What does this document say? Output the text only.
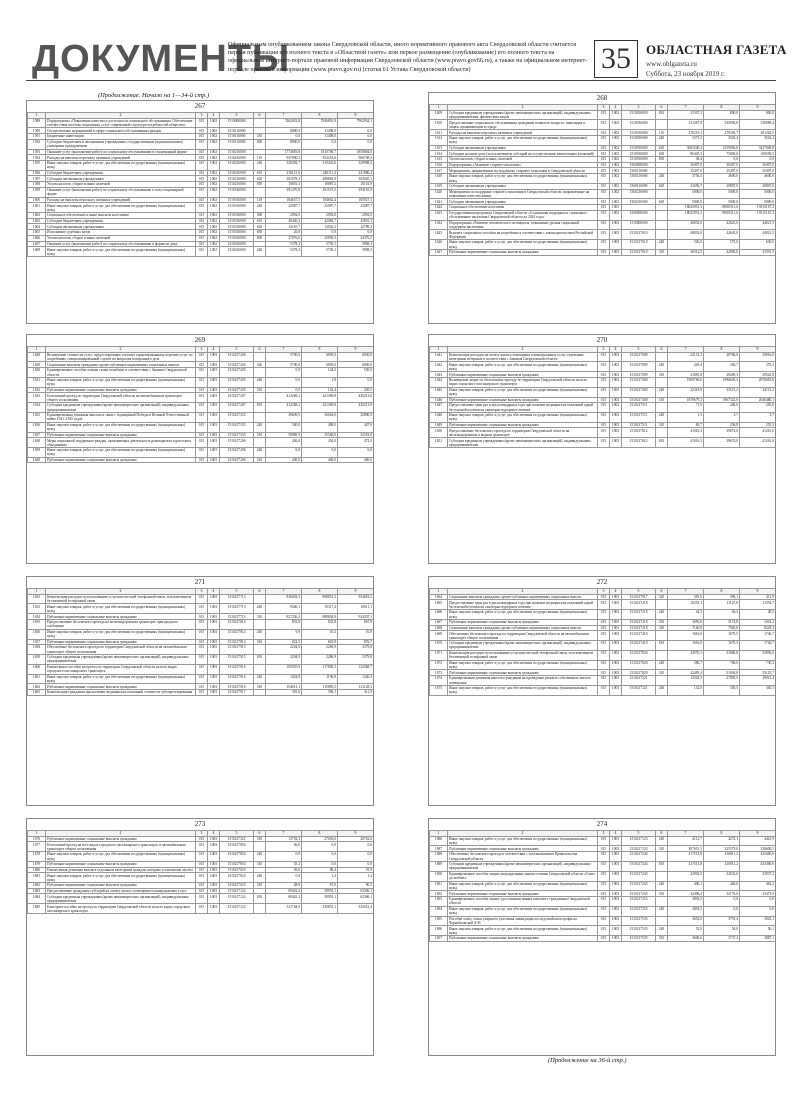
ДОКУМЕНТЫ
Официальным опубликованием закона Свердловской области, иного нормативного правового акта Свердловской области считается первая публикация его полного текста в «Областной газете» или первое размещение (опубликование) его полного текста на официальном интернет-портале правовой информации Свердловской области (www.pravo.gov66.ru), а также на официальном интернет-портале правовой информации (www.pravo.gov.ru) (статья 61 Устава Свердловской области)	35	ОБЛАСТНАЯ ГАЗЕТА
www.oblgazeta.ru
Суббота, 23 ноября 2019 г.
(Продолжение. Начало на 1—34-й стр.)
267
1	2	3	4	5	6	7	8	9
1589	Подпрограмма «Повышение качества и доступности социального обслуживания. Обеспечение соответствия системы социальных услуг современной структуре потребностей общества»	015	1002	1510000000		7462022,8	7846801,8	7902934,1
1590	Осуществление мероприятий в сфере социального обслуживания граждан	015	1002	1510116000		8000,0	11408,0	0,0
1591	Бюджетные инвестиции	015	1002	1510116000	410	0,0	11408,0	0,0
1592	Субсидии бюджетным и автономным учреждениям, государственным (муниципальным) унитарным предприятиям	015	1002	1510116000	600	8000,0	0,0	0,0
1593	Оказание услуг (выполнение работ) по социальному обслуживанию в стационарной форме	015	1002	1510216000		1774683,8	1810768,7	1850804,0
1594	Расходы на выплаты персоналу казенных учреждений	015	1002	1510216000	110	947090,3	952253,6	966708,3
1595	Иные закупки товаров, работ и услуг для обеспечения государственных (муниципальных) нужд	015	1002	1510216000	240	320392,7	319433,6	329988,2
1596	Субсидии бюджетным учреждениям	015	1002	1510216000	610	216121,0	240111,4	241980,4
1597	Субсидии автономным учреждениям	015	1002	1510216000	620	281078,3	288882,9	302026,1
1598	Уплата налогов, сборов и иных платежей	015	1002	1510216000	850	10001,5	10087,2	10101,0
1599	Оказание услуг (выполнение работ) по социальному обслуживанию в полустационарной форме	015	1002	1510316000		291470,8	291519,5	294163,9
1600	Расходы на выплаты персоналу казенных учреждений	015	1002	1510316000	110	184637,5	184662,4	185927,1
1601	Иные закупки товаров, работ и услуг для обеспечения государственных (муниципальных) нужд	015	1002	1510316000	240	25087,7	25087,7	25087,7
1602	Социальное обеспечение и иные выплаты населению	015	1002	1510316000	300	2092,0	2092,0	2092,0
1603	Субсидии бюджетным учреждениям	015	1002	1510316000	610	40440,3	42084,7	43891,3
1604	Субсидии автономным учреждениям	015	1002	1510316000	620	12110,7	12542,2	12789,3
1605	Исполнение судебных актов	015	1002	1510316000	830	26,0	0,0	0,0
1606	Уплата налогов, сборов и иных платежей	015	1002	1510316000	850	27076,6	25050,5	24376,5
1607	Оказание услуг (выполнение работ) по социальному обслуживанию в форме на дому	015	1002	1510416000		5378,2	5730,1	5808,3
1608	Иные закупки товаров, работ и услуг для обеспечения государственных (муниципальных) нужд	015	1002	1510416000	240	5378,2	5730,1	5808,3
268
1	2	3	4	5	6	7	8	9
1609	Субсидии кредитным учреждениям (кроме некоммерческих организаций), индивидуальным предпринимателям, физическим лицам	015	1002	1510816000	810	21507,3	800,0	800,0
1610	Предоставление социального обслуживания гражданам пожилого возраста, инвалидам и лицам, проживающим в городе	015	1002	1510916000		311267,9	330958,8	330089,4
1611	Расходы на выплаты персоналу казенных учреждений	015	1002	1510916000	110	270218,1	279392,7	281262,5
1612	Иные закупки товаров, работ и услуг для обеспечения государственных (муниципальных) нужд	015	1002	1510916000	240	3373,3	3542,4	3542,4
1613	Субсидии автономным учреждениям	015	1002	1510916000	620	3003200,4	3159046,8	3227049,8
1614	Субсидии на иные цели (за исключением субсидий на осуществление капитальных вложений)	015	1002	1510916000	630	86445,3	75800,6	100509,5
1615	Уплата налогов, сборов и иных платежей	015	1002	1510916000	850	38,4	0,0	0,0
1616	Подпрограмма «Активное старшее поколение»	015	1002	1560000000		30407,0	30407,0	30407,0
1617	Мероприятия, направленные на поддержку старшего поколения в Свердловской области	015	1002	1560116000		25407,0	25407,0	25407,0
1618	Иные закупки товаров, работ и услуг для обеспечения государственных (муниципальных) нужд	015	1002	1560116000	240	3756,3	4600,0	4600,0
1619	Субсидии автономным учреждениям	015	1002	1560116000	620	21650,7	20807,0	20807,0
1620	Мероприятия по поддержке старшего поколения в Свердловской области, направленные на повышение качества жизни	015	1002	1560216000		5000,0	5000,0	5000,0
1621	Субсидии автономным учреждениям	015	1002	1560216000	620	5000,0	5000,0	5000,0
1622	Социальное обеспечение населения	015	1003			18025951,3	19030311,6	19315167,2
1623	Государственная программа Свердловской области «Социальная поддержка и социальное обслуживание населения Свердловской области до 2024 года»	015	1003	1500000000		18025951,3	19030311,6	19315167,2
1624	Подпрограмма «Развитие человеческого потенциала, повышение уровня социальной поддержки населения»	015	1003	1510000000		40832,0	42643,0	44021,5
1625	Выплата социального пособия на погребение в соответствии с законодательством Российской Федерации	015	1003	1510217010		40832,0	42643,0	44021,5
1626	Иные закупки товаров, работ и услуг для обеспечения государственных (муниципальных) нужд	015	1003	1510217010	240	520,0	575,0	630,0
1627	Публичные нормативные социальные выплаты гражданам	015	1003	1510217010	310	40312,0	42068,0	43391,5
269
1	2	3	4	5	6	7	8	9
1628	Возмещение стоимости услуг, предоставленных согласно гарантированному перечню услуг по погребению, специализированной службе по вопросам похоронного дела	015	1003	1510217204		5700,0	6830,0	6830,0
1629	Социальные выплаты гражданам, кроме публичных нормативных социальных выплат	015	1003	1510217204	320	5700,0	6830,0	6830,0
1630	Единовременное пособие членам семьи погибших в соответствии с Законом Свердловской области	015	1003	1510217205		0,0	144,3	550,0
1631	Иные закупки товаров, работ и услуг для обеспечения государственных (муниципальных) нужд	015	1003	1510217205	240	0,0	1,8	0,0
1632	Публичные нормативные социальные выплаты гражданам	015	1003	1510217205	310	0,0	142,4	549,5
1633	Бесплатный проезд по территории Свердловской области на автомобильном транспорте общего пользования	015	1003	1510217207		412268,2	421369,8	430213,0
1634	Субсидии кредитным учреждениям (кроме некоммерческих организаций), индивидуальным предпринимателям	015	1003	1510217207	810	412268,2	421369,8	430213,0
1635	Единовременная денежная выплата в связи с годовщиной Победы в Великой Отечественной войне 1941–1945 годов	015	1003	1510217335		39609,5	36044,0	32800,0
1636	Иные закупки товаров, работ и услуг для обеспечения государственных (муниципальных) нужд	015	1003	1510217335	240	540,0	498,0	447,0
1637	Публичные нормативные социальные выплаты гражданам	015	1003	1510217335	310	39069,5	35546,0	32353,0
1638	Меры социальной поддержки граждан, оказывающих деятельность руководителя туристского объединения	015	1003	1510217206		436,0	454,0	472,0
1639	Иные закупки товаров, работ и услуг для обеспечения государственных (муниципальных) нужд	015	1003	1510217206	240	6,0	6,0	6,0
1640	Публичные нормативные социальные выплаты гражданам	015	1003	1510217206	310	430,0	448,0	466,0
270
1	2	3	4	5	6	7	8	9
1641	Компенсация расходов на оплату жилого помещения и коммунальных услуг отдельным категориям ветеранов в соответствии с Законом Свердловской области	015	1003	1510217009		22131,2	28766,0	29916,0
1642	Иные закупки товаров, работ и услуг для обеспечения государственных (муниципальных) нужд	015	1003	1510217009	240	249,4	356,7	370,3
1643	Публичные нормативные социальные выплаты гражданам	015	1003	1510217009	310	21881,8	28409,3	29545,8
1644	Возмещение затрат по бесплатному проезду по территории Свердловской области на всех видах городского пассажирского транспорта	015	1003	1510217400		1900766,0	1996603,3	2076663,0
1645	Иные закупки товаров, работ и услуг для обеспечения государственных (муниципальных) нужд	015	1003	1510217400	240	22318,9	23115,2	24113,2
1646	Публичные нормативные социальные выплаты гражданам	015	1003	1510217400	310	1878679,2	1967322,0	2046480,1
1647	Предоставление один раз в два календарных года при наличии медицинских показаний одной бесплатной путевки на санаторно-курортное лечение	015	1003	1510217511		71,0	246,0	259,0
1648	Иные закупки товаров, работ и услуг для обеспечения государственных (муниципальных) нужд	015	1003	1510217511	240	1,3	3,7	3,7
1649	Публичные нормативные социальные выплаты гражданам	015	1003	1510217511	310	69,7	236,8	255,3
1650	Предоставление бесплатного проезда по территории Свердловской области на железнодорожном и водном транспорте	015	1003	1510217612		41016,3	39674,0	41261,0
1651	Субсидии кредитным учреждениям (кроме некоммерческих организаций), индивидуальным предпринимателям	015	1003	1510217612	810	41016,3	39674,0	41261,0
271
1	2	3	4	5	6	7	8	9
1652	Компенсация расходов по пользованию услугами местной телефонной связи, за исключением безлимитной телефонной связи	015	1003	1510217713		836002,3	898851,3	934818,2
1653	Иные закупки товаров, работ и услуг для обеспечения государственных (муниципальных) нужд	015	1003	1510217713	240	9346,1	10317,4	10611,1
1654	Публичные нормативные социальные выплаты гражданам	015	1003	1510217713	310	827256,2	888834,9	924207,1
1655	Предоставление бесплатного проезда на железнодорожном транспорте пригородного сообщения	015	1003	1510217814		833,8	833,8	867,9
1656	Иные закупки товаров, работ и услуг для обеспечения государственных (муниципальных) нужд	015	1003	1510217814	240	9,8	10,2	10,8
1657	Публичные нормативные социальные выплаты гражданам	015	1003	1510217814	310	822,5	843,8	876,7
1658	Обеспечение бесплатного проезда по территории Свердловской области на автомобильном транспорте общего пользования	015	1003	1510217915		2204,9	2286,9	2379,8
1659	Субсидии кредитным учреждениям (кроме некоммерческих организаций), индивидуальным предпринимателям	015	1003	1510217915	810	2204,9	2286,9	2379,8
1660	Ежемесячное пособие на проезд по территории Свердловской области на всех видах городского пассажирского транспорта	015	1003	1510217916		105035,9	117882,3	122368,7
1661	Иные закупки товаров, работ и услуг для обеспечения государственных (муниципальных) нужд	015	1003	1510217916	240	1024,8	1196,8	1240,4
1662	Публичные нормативные социальные выплаты гражданам	015	1003	1510217916	310	104011,1	115885,5	121128,3
1663	Компенсация гражданам при наличии медицинских показаний стоимости зубопротезирования	015	1003	1510217917		381,6	396,1	411,9
272
1	2	3	4	5	6	7	8	9
1664	Социальные выплаты гражданам, кроме публичных нормативных социальных выплат	015	1003	1510217917	320	381,6	396,1	411,9
1665	Предоставление один раз в два календарных года при наличии медицинских показаний одной бесплатной путевки на санаторно-курортное лечение	015	1003	1510217218		10253,1	11147,8	11592,7
1666	Иные закупки товаров, работ и услуг для обеспечения государственных (муниципальных) нужд	015	1003	1510217218	240	44,5	46,3	48,5
1667	Публичные нормативные социальные выплаты гражданам	015	1003	1510217218	310	3056,6	3174,8	3301,2
1668	Социальные выплаты гражданам, кроме публичных нормативных социальных выплат	015	1003	1510217218	320	7146,9	7926,8	8243,3
1669	Обеспечение бесплатного проезда по территории Свердловской области на автомобильном транспорте общего пользования	015	1003	1510217419		1616,0	1679,5	1746,7
1670	Субсидии кредитным учреждениям (кроме некоммерческих организаций), индивидуальным предпринимателям	015	1003	1510217419	810	1616,0	1679,5	1746,7
1671	Компенсация расходов по пользованию услугами местной телефонной связи, за исключением безлимитной телефонной связи	015	1003	1510217820		43970,1	51800,8	53856,0
1672	Иные закупки товаров, работ и услуг для обеспечения государственных (муниципальных) нужд	015	1003	1510217820	240	586,7	706,0	730,3
1673	Публичные нормативные социальные выплаты гражданам	015	1003	1510217820	310	42483,4	51094,8	53125,7
1674	Единовременная денежная выплата гражданам на проведение ремонта собственного жилого помещения	015	1003	1510217321		13504,5	27895,5	29013,4
1675	Иные закупки товаров, работ и услуг для обеспечения государственных (муниципальных) нужд	015	1003	1510217321	240	132,0	330,5	340,3
273
1	2	3	4	5	6	7	8	9
1676	Публичные нормативные социальные выплаты гражданам	015	1003	1510217321	310	13702,3	27656,0	28762,6
1677	Бесплатный проезд на всех видах городского пассажирского транспорта, в автомобильном транспорте общего пользования	015	1003	1510217854		56,0	0,0	0,0
1678	Иные закупки товаров, работ и услуг для обеспечения государственных (муниципальных) нужд	015	1003	1510217854	240	0,8	0,0	0,0
1679	Публичные нормативные социальные выплаты гражданам	015	1003	1510217854	310	55,2	0,0	0,0
1680	Ежемесячная денежная выплата отдельным категориям граждан, которым установлены льготы	015	1003	1510217025		59,0	88,4	91,9
1681	Иные закупки товаров, работ и услуг для обеспечения государственных (муниципальных) нужд	015	1003	1510217025	240	0,8	1,4	1,4
1682	Публичные нормативные социальные выплаты гражданам	015	1003	1510217025	310	48,8	87,0	90,5
1683	Предоставление гражданам субсидий на оплату жилого помещения и коммунальных услуг	015	1003	1510217122		69441,2	58953,1	62306,1
1684	Субсидии кредитным учреждениям (кроме некоммерческих организаций), индивидуальным предпринимателям	015	1003	1510217122	810	69441,2	58953,1	62306,1
1685	Ежегодное пособие на проезд по территории Свердловской области на всех видах городского пассажирского транспорта	015	1003	1510217123		311764,0	329851,1	343051,4
274
1	2	3	4	5	6	7	8	9
1686	Иные закупки товаров, работ и услуг для обеспечения государственных (муниципальных) нужд	015	1003	1510217123	240	4112,7	4272,1	4441,9
1687	Публичные нормативные социальные выплаты гражданам	015	1003	1510217123	310	307651,3	325579,0	338609,5
1688	Обеспечение бесплатного проезда в соответствии с постановлением Правительства Свердловской области	015	1003	1510217244		417513,8	416811,2	433460,6
1689	Субсидии кредитным учреждениям (кроме некоммерческих организаций), индивидуальным предпринимателям	015	1003	1510217244	810	417513,8	416811,2	433460,6
1690	Единовременное пособие лицам, награжденным знаком отличия Свердловской области «Совет да любовь»	015	1003	1510217245		32902,5	32632,6	33937,2
1691	Иные закупки товаров, работ и услуг для обеспечения государственных (муниципальных) нужд	015	1003	1510217245	240	406,1	446,0	462,2
1692	Публичные нормативные социальные выплаты гражданам	015	1003	1510217245	310	32496,4	32176,6	33475,0
1693	Единовременное пособие лицам, удостоенным звания почетного гражданина Свердловской области	015	1003	1510217253		3803,5	0,0	0,0
1694	Иные закупки товаров, работ и услуг для обеспечения государственных (муниципальных) нужд	015	1003	1510217253	240	3803,5	0,0	0,0
1695	Пособие члену семьи умершего участника ликвидации последствий катастрофы на Чернобыльской АЭС	015	1003	1510217535		3652,6	3791,4	3943,1
1696	Иные закупки товаров, работ и услуг для обеспечения государственных (муниципальных) нужд	015	1003	1510217535	240	52,0	54,0	56,1
1697	Публичные нормативные социальные выплаты гражданам	015	1003	1510217535	310	3600,6	3737,4	3887,1
(Продолжение на 36-й стр.)
